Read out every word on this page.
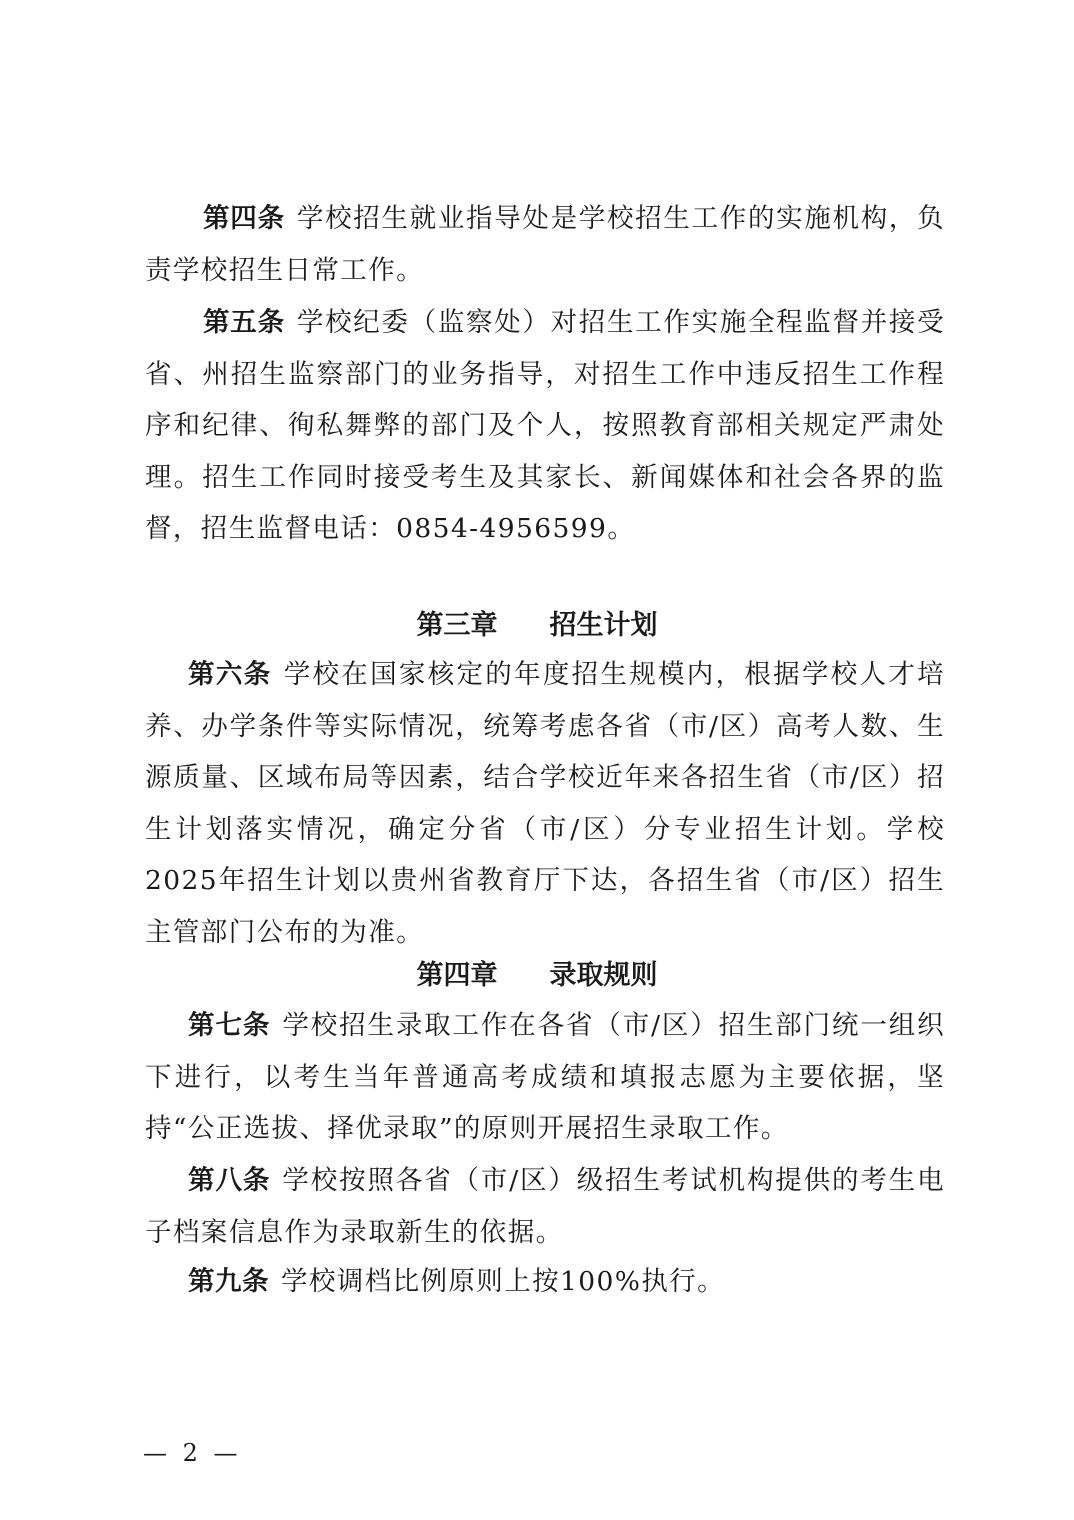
第四条 学校招生就业指导处是学校招生工作的实施机构，负责学校招生日常工作。

第五条 学校纪委（监察处）对招生工作实施全程监督并接受省、州招生监察部门的业务指导，对招生工作中违反招生工作程序和纪律、徇私舞弊的部门及个人，按照教育部相关规定严肃处理。招生工作同时接受考生及其家长、新闻媒体和社会各界的监督，招生监督电话：0854-4956599。

第三章 招生计划

第六条 学校在国家核定的年度招生规模内，根据学校人才培养、办学条件等实际情况，统筹考虑各省（市/区）高考人数、生源质量、区域布局等因素，结合学校近年来各招生省（市/区）招生计划落实情况，确定分省（市/区）分专业招生计划。学校2025年招生计划以贵州省教育厅下达，各招生省（市/区）招生主管部门公布的为准。

第四章 录取规则

第七条 学校招生录取工作在各省（市/区）招生部门统一组织下进行，以考生当年普通高考成绩和填报志愿为主要依据，坚持“公正选拔、择优录取”的原则开展招生录取工作。

第八条 学校按照各省（市/区）级招生考试机构提供的考生电子档案信息作为录取新生的依据。

第九条 学校调档比例原则上按100%执行。

— 2 —
